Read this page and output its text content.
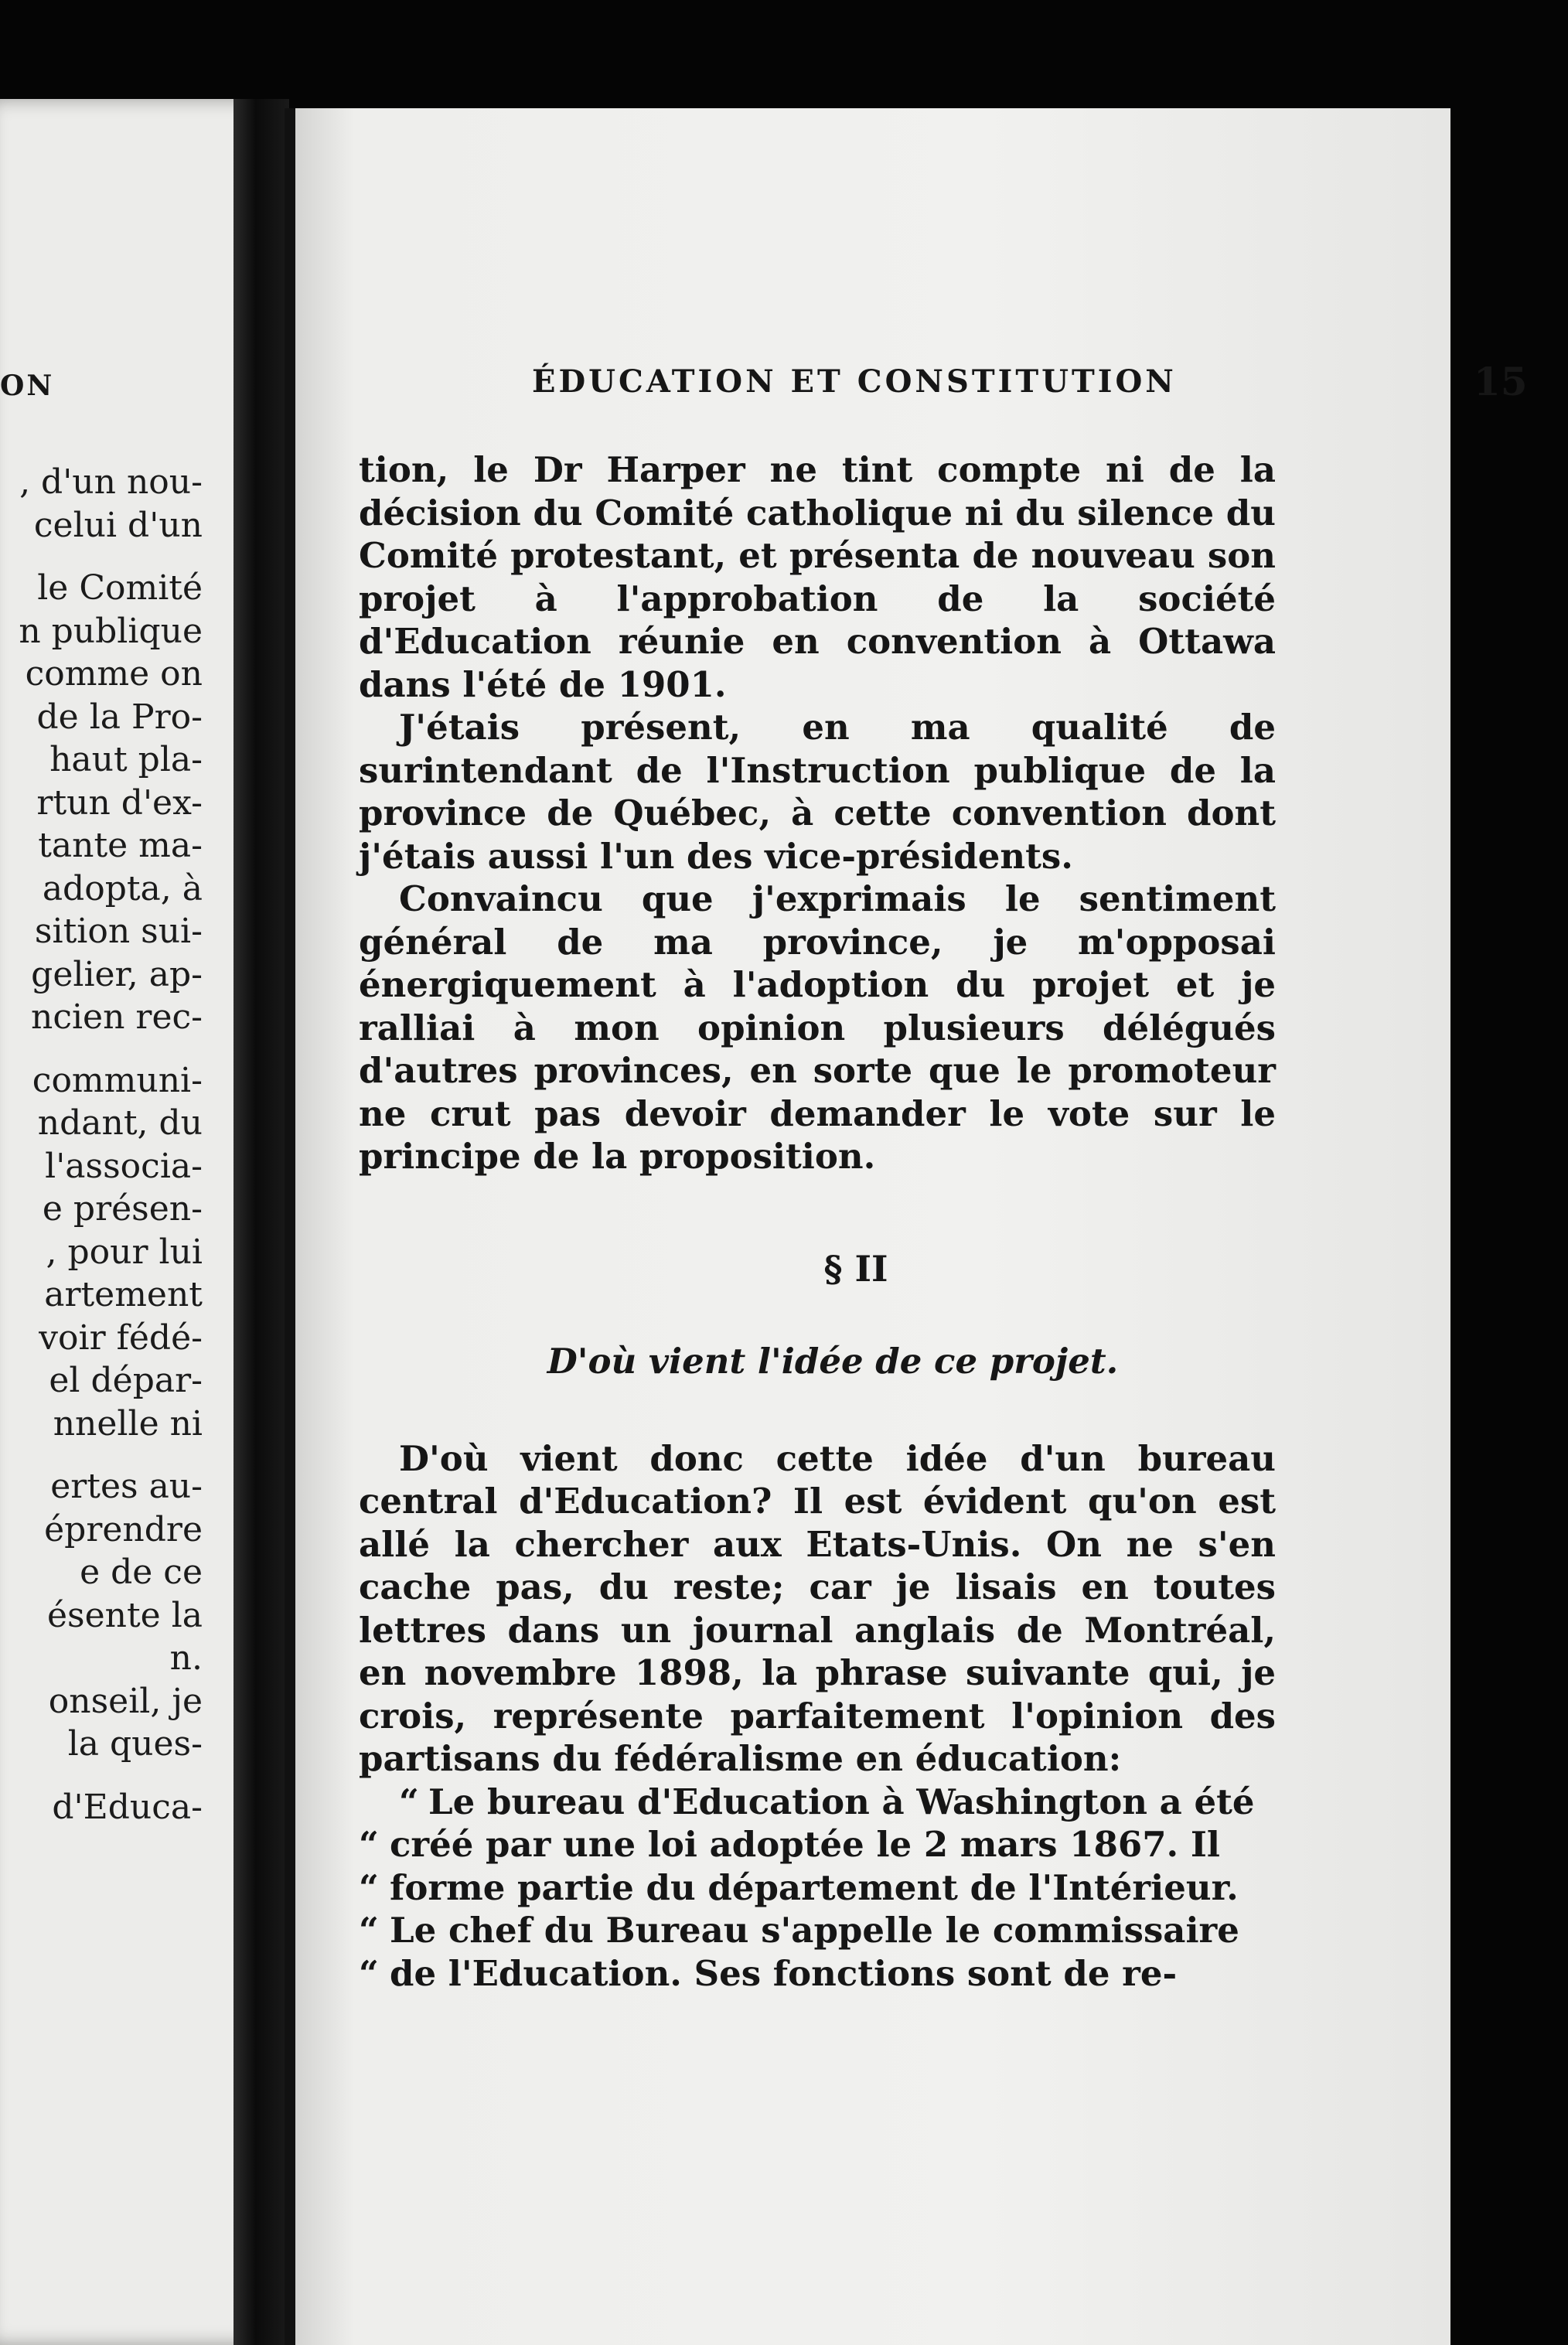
ON
, d'un nou-
celui d'un
le Comité
n publique
comme on
de la Pro-
haut pla-
rtun d'ex-
tante ma-
adopta, à
sition sui-
gelier, ap-
ncien rec-
communi-
ndant, du
l'associa-
e présen-
, pour lui
artement
voir fédé-
el dépar-
nnelle ni
ertes au-
éprendre
e de ce
ésente la
n.
onseil, je
la ques-
d'Educa-
ÉDUCATION ET CONSTITUTION	15

tion, le Dr Harper ne tint compte ni de la décision du Comité catholique ni du silence du Comité protestant, et présenta de nouveau son projet à l'approbation de la société d'Education réunie en convention à Ottawa dans l'été de 1901.

J'étais présent, en ma qualité de surintendant de l'Instruction publique de la province de Québec, à cette convention dont j'étais aussi l'un des vice-présidents.

Convaincu que j'exprimais le sentiment général de ma province, je m'opposai énergiquement à l'adoption du projet et je ralliai à mon opinion plusieurs délégués d'autres provinces, en sorte que le promoteur ne crut pas devoir demander le vote sur le principe de la proposition.

§ II
D'où vient l'idée de ce projet.

D'où vient donc cette idée d'un bureau central d'Education? Il est évident qu'on est allé la chercher aux Etats-Unis. On ne s'en cache pas, du reste; car je lisais en toutes lettres dans un journal anglais de Montréal, en novembre 1898, la phrase suivante qui, je crois, représente parfaitement l'opinion des partisans du fédéralisme en éducation:

“ Le bureau d'Education à Washington a été

“ créé par une loi adoptée le 2 mars 1867. Il

“ forme partie du département de l'Intérieur.

“ Le chef du Bureau s'appelle le commissaire

“ de l'Education. Ses fonctions sont de re-
